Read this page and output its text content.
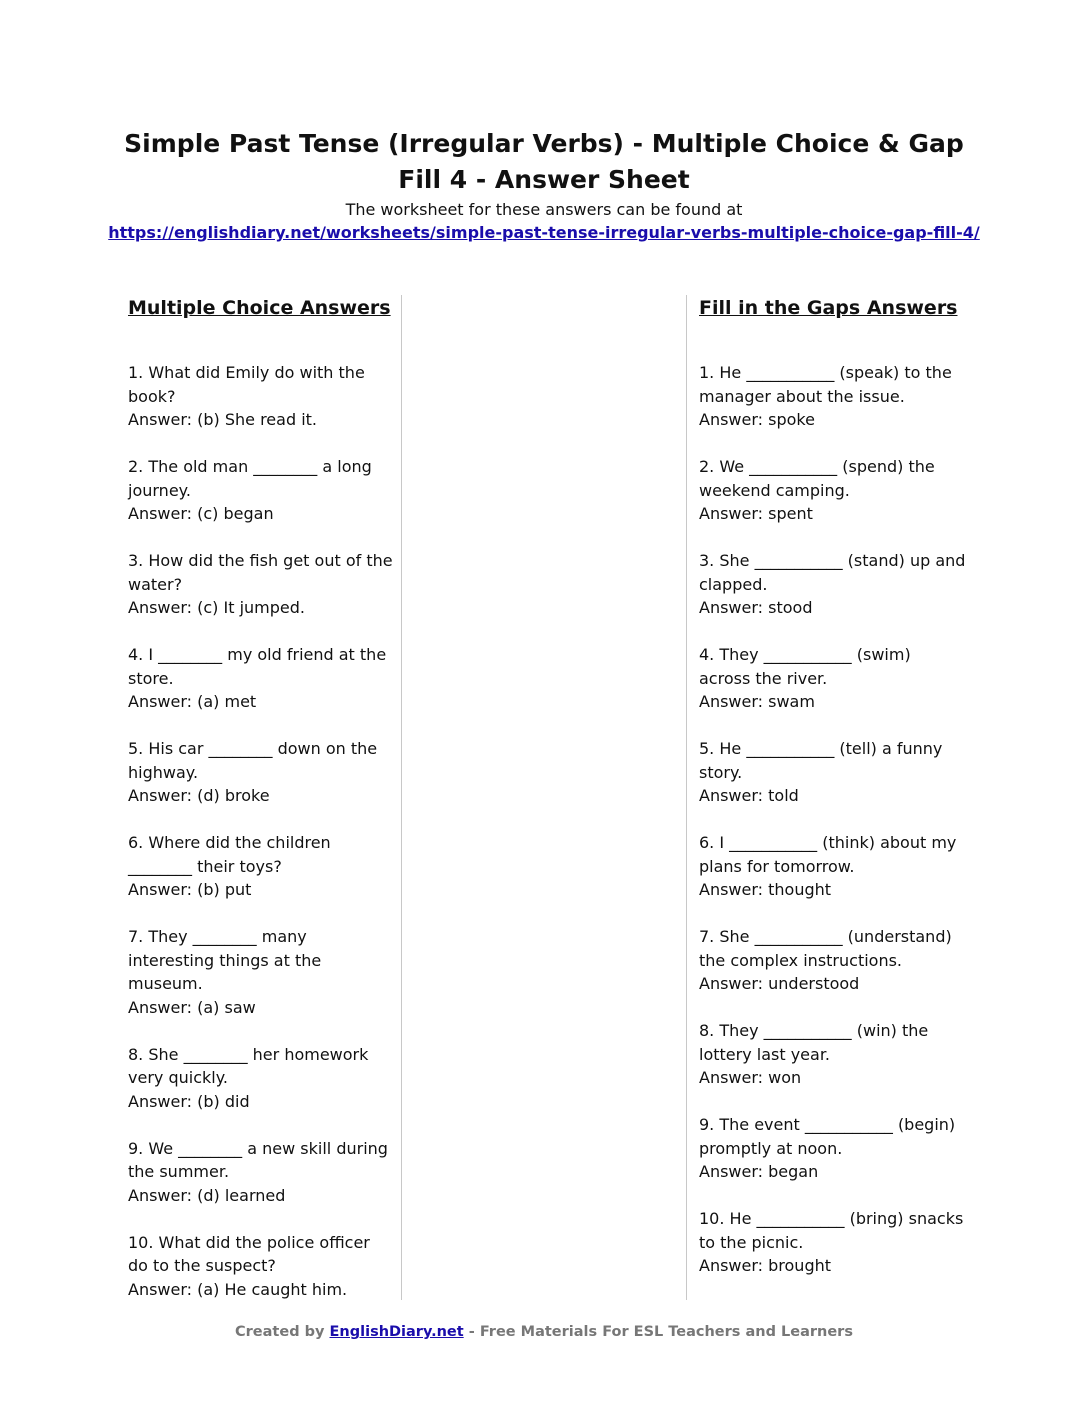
Simple Past Tense (Irregular Verbs) - Multiple Choice & Gap Fill 4 - Answer Sheet
The worksheet for these answers can be found at
https://englishdiary.net/worksheets/simple-past-tense-irregular-verbs-multiple-choice-gap-fill-4/
Multiple Choice Answers
1. What did Emily do with the book?
Answer: (b) She read it.
2. The old man ________ a long journey.
Answer: (c) began
3. How did the fish get out of the water?
Answer: (c) It jumped.
4. I ________ my old friend at the store.
Answer: (a) met
5. His car ________ down on the highway.
Answer: (d) broke
6. Where did the children ________ their toys?
Answer: (b) put
7. They ________ many interesting things at the museum.
Answer: (a) saw
8. She ________ her homework very quickly.
Answer: (b) did
9. We ________ a new skill during the summer.
Answer: (d) learned
10. What did the police officer do to the suspect?
Answer: (a) He caught him.
Fill in the Gaps Answers
1. He ___________ (speak) to the manager about the issue.
Answer: spoke
2. We ___________ (spend) the weekend camping.
Answer: spent
3. She ___________ (stand) up and clapped.
Answer: stood
4. They ___________ (swim) across the river.
Answer: swam
5. He ___________ (tell) a funny story.
Answer: told
6. I ___________ (think) about my plans for tomorrow.
Answer: thought
7. She ___________ (understand) the complex instructions.
Answer: understood
8. They ___________ (win) the lottery last year.
Answer: won
9. The event ___________ (begin) promptly at noon.
Answer: began
10. He ___________ (bring) snacks to the picnic.
Answer: brought
Created by EnglishDiary.net - Free Materials For ESL Teachers and Learners
